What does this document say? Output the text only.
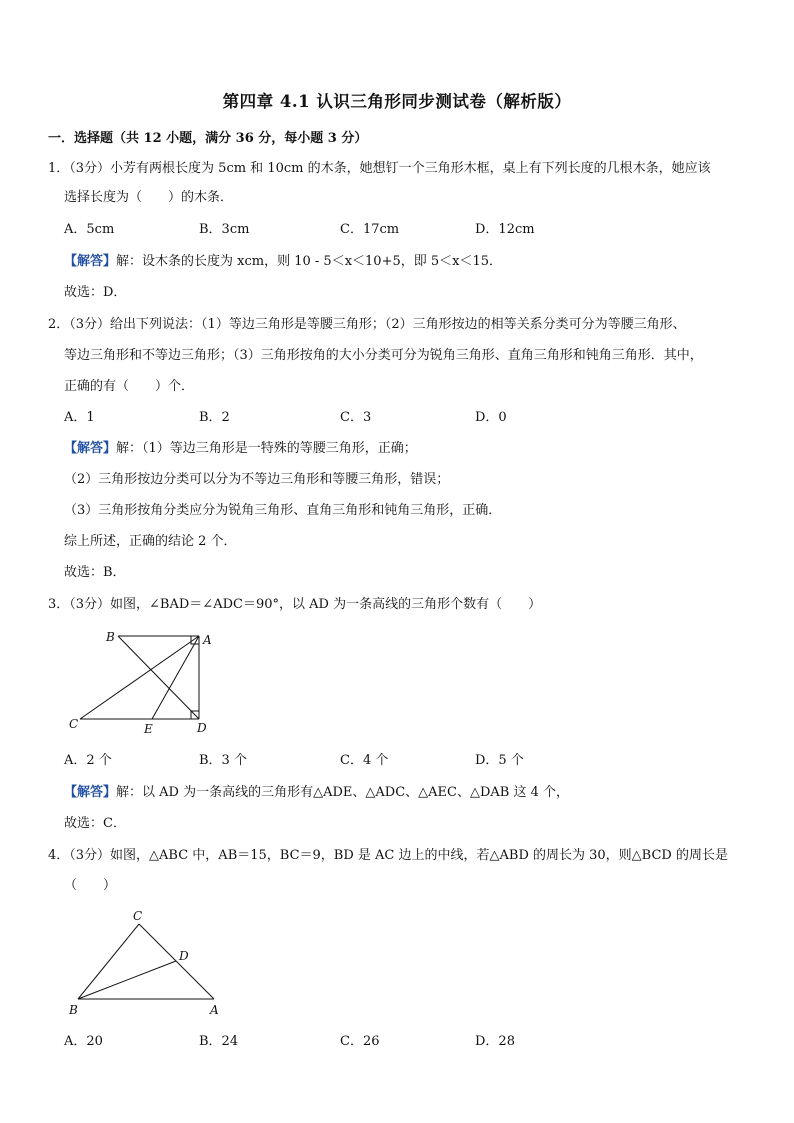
第四章 4.1 认识三角形同步测试卷（解析版）
一．选择题（共 12 小题，满分 36 分，每小题 3 分）
1．（3分）小芳有两根长度为 5cm 和 10cm 的木条，她想钉一个三角形木框，桌上有下列长度的几根木条，她应该
选择长度为（　　）的木条．
A．5cm	B．3cm	C．17cm	D．12cm
【解答】解：设木条的长度为 xcm，则 10 - 5＜x＜10+5，即 5＜x＜15．
故选：D．
2．（3分）给出下列说法：（1）等边三角形是等腰三角形；（2）三角形按边的相等关系分类可分为等腰三角形、
等边三角形和不等边三角形；（3）三角形按角的大小分类可分为锐角三角形、直角三角形和钝角三角形．其中，
正确的有（　　）个．
A．1	B．2	C．3	D．0
【解答】解：（1）等边三角形是一特殊的等腰三角形，正确；
（2）三角形按边分类可以分为不等边三角形和等腰三角形，错误；
（3）三角形按角分类应分为锐角三角形、直角三角形和钝角三角形，正确．
综上所述，正确的结论 2 个．
故选：B．
3．（3分）如图，∠BAD＝∠ADC＝90°，以 AD 为一条高线的三角形个数有（　　）
B	A
C	E	D
A．2 个	B．3 个	C．4 个	D．5 个
【解答】解：以 AD 为一条高线的三角形有△ADE、△ADC、△AEC、△DAB 这 4 个，
故选：C．
4．（3分）如图，△ABC 中，AB＝15，BC＝9，BD 是 AC 边上的中线，若△ABD 的周长为 30，则△BCD 的周长是
（　　）
C
D
B	A
A．20	B．24	C．26	D．28
